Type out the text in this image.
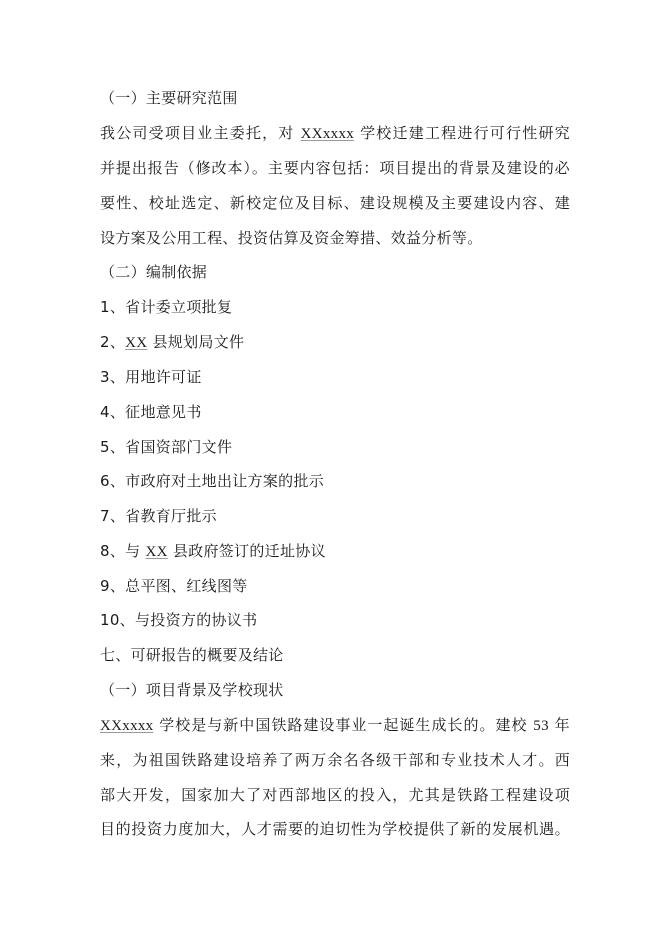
（一）主要研究范围
我公司受项目业主委托，对 XXxxxx 学校迁建工程进行可行性研究
并提出报告（修改本）。主要内容包括：项目提出的背景及建设的必
要性、校址选定、新校定位及目标、建设规模及主要建设内容、建
设方案及公用工程、投资估算及资金筹措、效益分析等。
（二）编制依据
1、省计委立项批复
2、XX 县规划局文件
3、用地许可证
4、征地意见书
5、省国资部门文件
6、市政府对土地出让方案的批示
7、省教育厅批示
8、与 XX 县政府签订的迁址协议
9、总平图、红线图等
10、与投资方的协议书
七、可研报告的概要及结论
（一）项目背景及学校现状
XXxxxx 学校是与新中国铁路建设事业一起诞生成长的。建校 53 年
来，为祖国铁路建设培养了两万余名各级干部和专业技术人才。西
部大开发，国家加大了对西部地区的投入，尤其是铁路工程建设项
目的投资力度加大，人才需要的迫切性为学校提供了新的发展机遇。
